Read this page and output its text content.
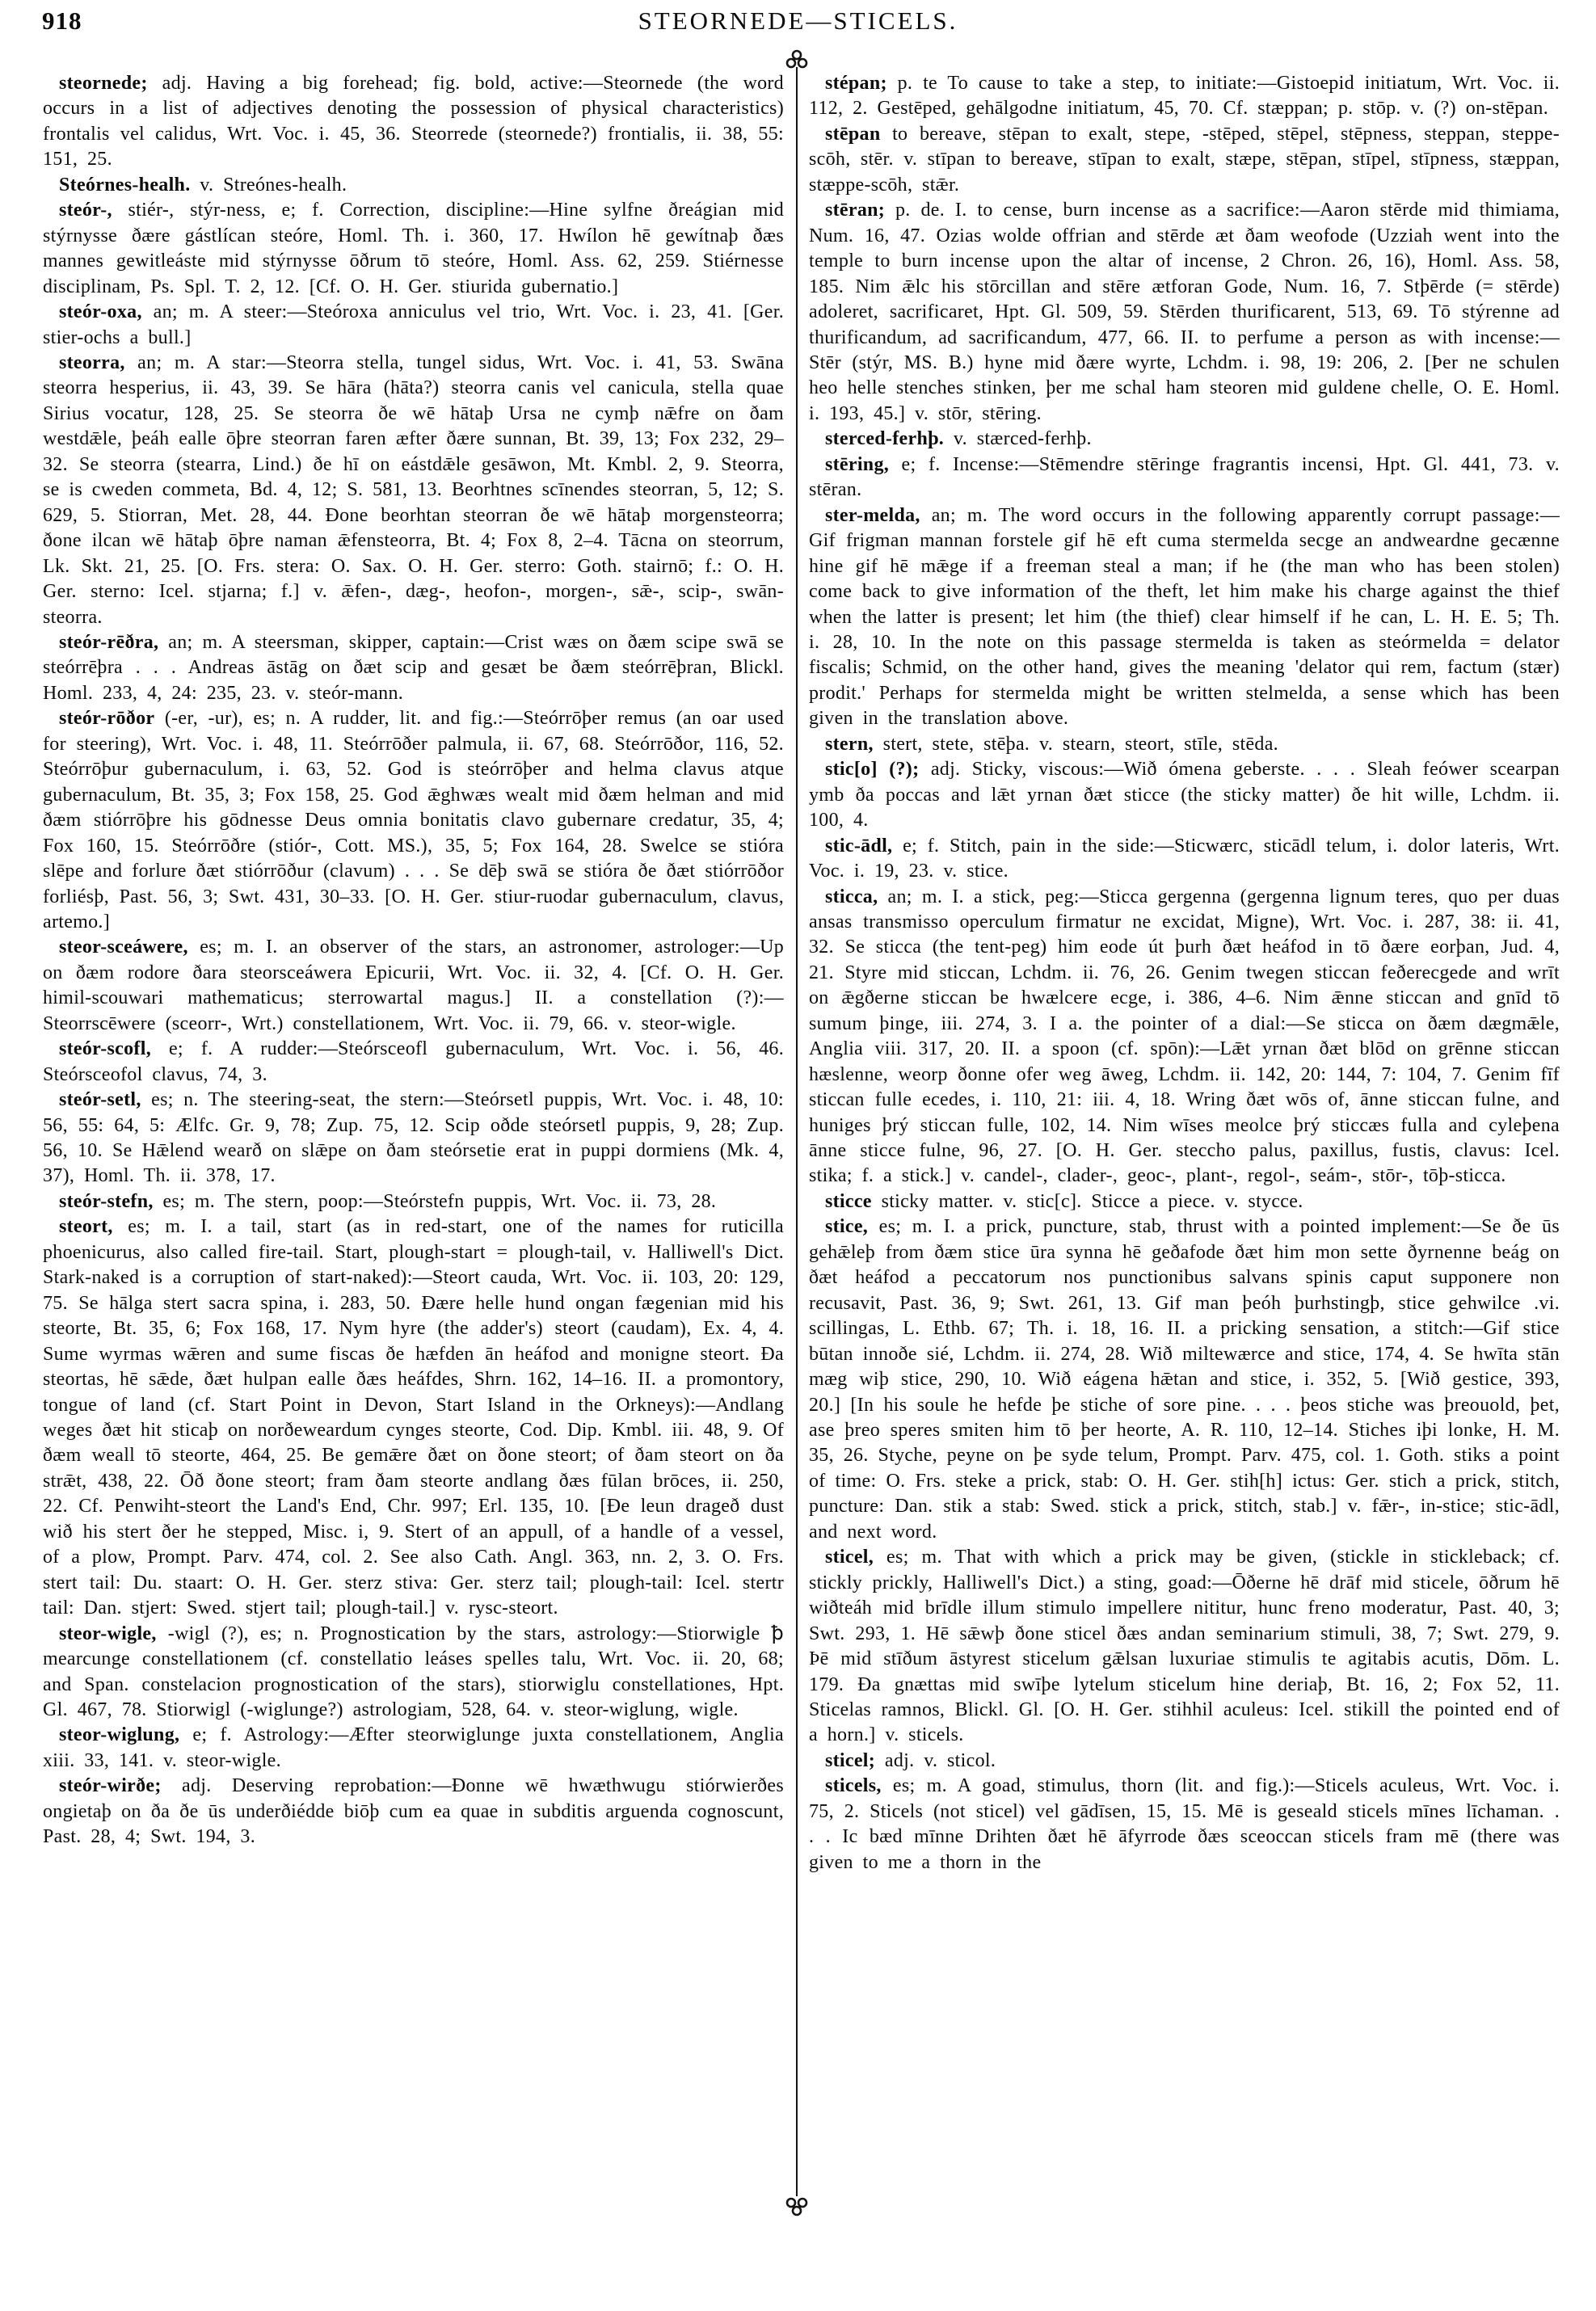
918	STEORNEDE—STICELS.

steornede; adj. Having a big forehead; fig. bold, active:—Steornede (the word occurs in a list of adjectives denoting the possession of physical characteristics) frontalis vel calidus, Wrt. Voc. i. 45, 36. Steorrede (steornede?) frontialis, ii. 38, 55: 151, 25.

Steórnes-healh. v. Streónes-healh.

steór-, stiér-, stýr-ness, e; f. Correction, discipline:—Hine sylfne ðreágian mid stýrnysse ðære gástlícan steóre, Homl. Th. i. 360, 17. Hwílon hē gewítnaþ ðæs mannes gewitleáste mid stýrnysse ōðrum tō steóre, Homl. Ass. 62, 259. Stiérnesse disciplinam, Ps. Spl. T. 2, 12. [Cf. O. H. Ger. stiurida gubernatio.]

steór-oxa, an; m. A steer:—Steóroxa anniculus vel trio, Wrt. Voc. i. 23, 41. [Ger. stier-ochs a bull.]

steorra, an; m. A star:—Steorra stella, tungel sidus, Wrt. Voc. i. 41, 53. Swāna steorra hesperius, ii. 43, 39. Se hāra (hāta?) steorra canis vel canicula, stella quae Sirius vocatur, 128, 25. Se steorra ðe wē hātaþ Ursa ne cymþ nǣfre on ðam westdǣle, þeáh ealle ōþre steorran faren æfter ðære sunnan, Bt. 39, 13; Fox 232, 29–32. Se steorra (stearra, Lind.) ðe hī on eástdǣle gesāwon, Mt. Kmbl. 2, 9. Steorra, se is cweden commeta, Bd. 4, 12; S. 581, 13. Beorhtnes scīnendes steorran, 5, 12; S. 629, 5. Stiorran, Met. 28, 44. Ðone beorhtan steorran ðe wē hātaþ morgensteorra; ðone ilcan wē hātaþ ōþre naman ǣfensteorra, Bt. 4; Fox 8, 2–4. Tācna on steorrum, Lk. Skt. 21, 25. [O. Frs. stera: O. Sax. O. H. Ger. sterro: Goth. stairnō; f.: O. H. Ger. sterno: Icel. stjarna; f.] v. ǣfen-, dæg-, heofon-, morgen-, sǣ-, scip-, swān-steorra.

steór-rēðra, an; m. A steersman, skipper, captain:—Crist wæs on ðæm scipe swā se steórrēþra . . . Andreas āstāg on ðæt scip and gesæt be ðæm steórrēþran, Blickl. Homl. 233, 4, 24: 235, 23. v. steór-mann.

steór-rōðor (-er, -ur), es; n. A rudder, lit. and fig.:—Steórrōþer remus (an oar used for steering), Wrt. Voc. i. 48, 11. Steórrōðer palmula, ii. 67, 68. Steórrōðor, 116, 52. Steórrōþur gubernaculum, i. 63, 52. God is steórrōþer and helma clavus atque gubernaculum, Bt. 35, 3; Fox 158, 25. God ǣghwæs wealt mid ðæm helman and mid ðæm stiórrōþre his gōdnesse Deus omnia bonitatis clavo gubernare credatur, 35, 4; Fox 160, 15. Steórrōðre (stiór-, Cott. MS.), 35, 5; Fox 164, 28. Swelce se stióra slēpe and forlure ðæt stiórrōður (clavum) . . . Se dēþ swā se stióra ðe ðæt stiórrōðor forliésþ, Past. 56, 3; Swt. 431, 30–33. [O. H. Ger. stiur-ruodar gubernaculum, clavus, artemo.]

steor-sceáwere, es; m. I. an observer of the stars, an astronomer, astrologer:—Up on ðæm rodore ðara steorsceáwera Epicurii, Wrt. Voc. ii. 32, 4. [Cf. O. H. Ger. himil-scouwari mathematicus; sterrowartal magus.] II. a constellation (?):—Steorrscēwere (sceorr-, Wrt.) constellationem, Wrt. Voc. ii. 79, 66. v. steor-wigle.

steór-scofl, e; f. A rudder:—Steórsceofl gubernaculum, Wrt. Voc. i. 56, 46. Steórsceofol clavus, 74, 3.

steór-setl, es; n. The steering-seat, the stern:—Steórsetl puppis, Wrt. Voc. i. 48, 10: 56, 55: 64, 5: Ælfc. Gr. 9, 78; Zup. 75, 12. Scip oðde steórsetl puppis, 9, 28; Zup. 56, 10. Se Hǣlend wearð on slǣpe on ðam steórsetie erat in puppi dormiens (Mk. 4, 37), Homl. Th. ii. 378, 17.

steór-stefn, es; m. The stern, poop:—Steórstefn puppis, Wrt. Voc. ii. 73, 28.

steort, es; m. I. a tail, start (as in red-start, one of the names for ruticilla phoenicurus, also called fire-tail. Start, plough-start = plough-tail, v. Halliwell's Dict. Stark-naked is a corruption of start-naked):—Steort cauda, Wrt. Voc. ii. 103, 20: 129, 75. Se hālga stert sacra spina, i. 283, 50. Ðære helle hund ongan fægenian mid his steorte, Bt. 35, 6; Fox 168, 17. Nym hyre (the adder's) steort (caudam), Ex. 4, 4. Sume wyrmas wǣren and sume fiscas ðe hæfden ān heáfod and monigne steort. Ða steortas, hē sǣde, ðæt hulpan ealle ðæs heáfdes, Shrn. 162, 14–16. II. a promontory, tongue of land (cf. Start Point in Devon, Start Island in the Orkneys):—Andlang weges ðæt hit sticaþ on norðeweardum cynges steorte, Cod. Dip. Kmbl. iii. 48, 9. Of ðæm weall tō steorte, 464, 25. Be gemǣre ðæt on ðone steort; of ðam steort on ða strǣt, 438, 22. Ōð ðone steort; fram ðam steorte andlang ðæs fūlan brōces, ii. 250, 22. Cf. Penwiht-steort the Land's End, Chr. 997; Erl. 135, 10. [Ðe leun drageð dust wið his stert ðer he stepped, Misc. i, 9. Stert of an appull, of a handle of a vessel, of a plow, Prompt. Parv. 474, col. 2. See also Cath. Angl. 363, nn. 2, 3. O. Frs. stert tail: Du. staart: O. H. Ger. sterz stiva: Ger. sterz tail; plough-tail: Icel. stertr tail: Dan. stjert: Swed. stjert tail; plough-tail.] v. rysc-steort.

steor-wigle, -wigl (?), es; n. Prognostication by the stars, astrology:—Stiorwigle ꝥ mearcunge constellationem (cf. constellatio leáses spelles talu, Wrt. Voc. ii. 20, 68; and Span. constelacion prognostication of the stars), stiorwiglu constellationes, Hpt. Gl. 467, 78. Stiorwigl (-wiglunge?) astrologiam, 528, 64. v. steor-wiglung, wigle.

steor-wiglung, e; f. Astrology:—Æfter steorwiglunge juxta constellationem, Anglia xiii. 33, 141. v. steor-wigle.

steór-wirðe; adj. Deserving reprobation:—Ðonne wē hwæthwugu stiórwierðes ongietaþ on ða ðe ūs underðiédde biōþ cum ea quae in subditis arguenda cognoscunt, Past. 28, 4; Swt. 194, 3.

stépan; p. te To cause to take a step, to initiate:—Gistoepid initiatum, Wrt. Voc. ii. 112, 2. Gestēped, gehālgodne initiatum, 45, 70. Cf. stæppan; p. stōp. v. (?) on-stēpan.

stēpan to bereave, stēpan to exalt, stepe, -stēped, stēpel, stēpness, steppan, steppe-scōh, stēr. v. stīpan to bereave, stīpan to exalt, stæpe, stēpan, stīpel, stīpness, stæppan, stæppe-scōh, stǣr.

stēran; p. de. I. to cense, burn incense as a sacrifice:—Aaron stērde mid thimiama, Num. 16, 47. Ozias wolde offrian and stērde æt ðam weofode (Uzziah went into the temple to burn incense upon the altar of incense, 2 Chron. 26, 16), Homl. Ass. 58, 185. Nim ǣlc his stōrcillan and stēre ætforan Gode, Num. 16, 7. Stþērde (= stērde) adoleret, sacrificaret, Hpt. Gl. 509, 59. Stērden thurificarent, 513, 69. Tō stýrenne ad thurificandum, ad sacrificandum, 477, 66. II. to perfume a person as with incense:—Stēr (stýr, MS. B.) hyne mid ðære wyrte, Lchdm. i. 98, 19: 206, 2. [Þer ne schulen heo helle stenches stinken, þer me schal ham steoren mid guldene chelle, O. E. Homl. i. 193, 45.] v. stōr, stēring.

sterced-ferhþ. v. stærced-ferhþ.

stēring, e; f. Incense:—Stēmendre stēringe fragrantis incensi, Hpt. Gl. 441, 73. v. stēran.

ster-melda, an; m. The word occurs in the following apparently corrupt passage:—Gif frigman mannan forstele gif hē eft cuma stermelda secge an andweardne gecænne hine gif hē mǣge if a freeman steal a man; if he (the man who has been stolen) come back to give information of the theft, let him make his charge against the thief when the latter is present; let him (the thief) clear himself if he can, L. H. E. 5; Th. i. 28, 10. In the note on this passage stermelda is taken as steórmelda = delator fiscalis; Schmid, on the other hand, gives the meaning 'delator qui rem, factum (stær) prodit.' Perhaps for stermelda might be written stelmelda, a sense which has been given in the translation above.

stern, stert, stete, stēþa. v. stearn, steort, stīle, stēda.

stic[o] (?); adj. Sticky, viscous:—Wið ómena geberste. . . . Sleah feówer scearpan ymb ða poccas and lǣt yrnan ðæt sticce (the sticky matter) ðe hit wille, Lchdm. ii. 100, 4.

stic-ādl, e; f. Stitch, pain in the side:—Sticwærc, sticādl telum, i. dolor lateris, Wrt. Voc. i. 19, 23. v. stice.

sticca, an; m. I. a stick, peg:—Sticca gergenna (gergenna lignum teres, quo per duas ansas transmisso operculum firmatur ne excidat, Migne), Wrt. Voc. i. 287, 38: ii. 41, 32. Se sticca (the tent-peg) him eode út þurh ðæt heáfod in tō ðære eorþan, Jud. 4, 21. Styre mid sticcan, Lchdm. ii. 76, 26. Genim twegen sticcan feðerecgede and wrīt on ǣgðerne sticcan be hwælcere ecge, i. 386, 4–6. Nim ǣnne sticcan and gnīd tō sumum þinge, iii. 274, 3. I a. the pointer of a dial:—Se sticca on ðæm dægmǣle, Anglia viii. 317, 20. II. a spoon (cf. spōn):—Lǣt yrnan ðæt blōd on grēnne sticcan hæslenne, weorp ðonne ofer weg āweg, Lchdm. ii. 142, 20: 144, 7: 104, 7. Genim fīf sticcan fulle ecedes, i. 110, 21: iii. 4, 18. Wring ðæt wōs of, ānne sticcan fulne, and huniges þrý sticcan fulle, 102, 14. Nim wīses meolce þrý sticcæs fulla and cyleþena ānne sticce fulne, 96, 27. [O. H. Ger. steccho palus, paxillus, fustis, clavus: Icel. stika; f. a stick.] v. candel-, clader-, geoc-, plant-, regol-, seám-, stōr-, tōþ-sticca.

sticce sticky matter. v. stic[c]. Sticce a piece. v. stycce.

stice, es; m. I. a prick, puncture, stab, thrust with a pointed implement:—Se ðe ūs gehǣleþ from ðæm stice ūra synna hē geðafode ðæt him mon sette ðyrnenne beág on ðæt heáfod a peccatorum nos punctionibus salvans spinis caput supponere non recusavit, Past. 36, 9; Swt. 261, 13. Gif man þeóh þurhstingþ, stice gehwilce .vi. scillingas, L. Ethb. 67; Th. i. 18, 16. II. a pricking sensation, a stitch:—Gif stice būtan innoðe sié, Lchdm. ii. 274, 28. Wið miltewærce and stice, 174, 4. Se hwīta stān mæg wiþ stice, 290, 10. Wið eágena hǣtan and stice, i. 352, 5. [Wið gestice, 393, 20.] [In his soule he hefde þe stiche of sore pine. . . . þeos stiche was þreouold, þet, ase þreo speres smiten him tō þer heorte, A. R. 110, 12–14. Stiches iþi lonke, H. M. 35, 26. Styche, peyne on þe syde telum, Prompt. Parv. 475, col. 1. Goth. stiks a point of time: O. Frs. steke a prick, stab: O. H. Ger. stih[h] ictus: Ger. stich a prick, stitch, puncture: Dan. stik a stab: Swed. stick a prick, stitch, stab.] v. fǣr-, in-stice; stic-ādl, and next word.

sticel, es; m. That with which a prick may be given, (stickle in stickleback; cf. stickly prickly, Halliwell's Dict.) a sting, goad:—Ōðerne hē drāf mid sticele, ōðrum hē wiðteáh mid brīdle illum stimulo impellere nititur, hunc freno moderatur, Past. 40, 3; Swt. 293, 1. Hē sǣwþ ðone sticel ðæs andan seminarium stimuli, 38, 7; Swt. 279, 9. Þē mid stīðum āstyrest sticelum gǣlsan luxuriae stimulis te agitabis acutis, Dōm. L. 179. Ða gnættas mid swīþe lytelum sticelum hine deriaþ, Bt. 16, 2; Fox 52, 11. Sticelas ramnos, Blickl. Gl. [O. H. Ger. stihhil aculeus: Icel. stikill the pointed end of a horn.] v. sticels.

sticel; adj. v. sticol.

sticels, es; m. A goad, stimulus, thorn (lit. and fig.):—Sticels aculeus, Wrt. Voc. i. 75, 2. Sticels (not sticel) vel gādīsen, 15, 15. Mē is geseald sticels mīnes līchaman. . . . Ic bæd mīnne Drihten ðæt hē āfyrrode ðæs sceoccan sticels fram mē (there was given to me a thorn in the
